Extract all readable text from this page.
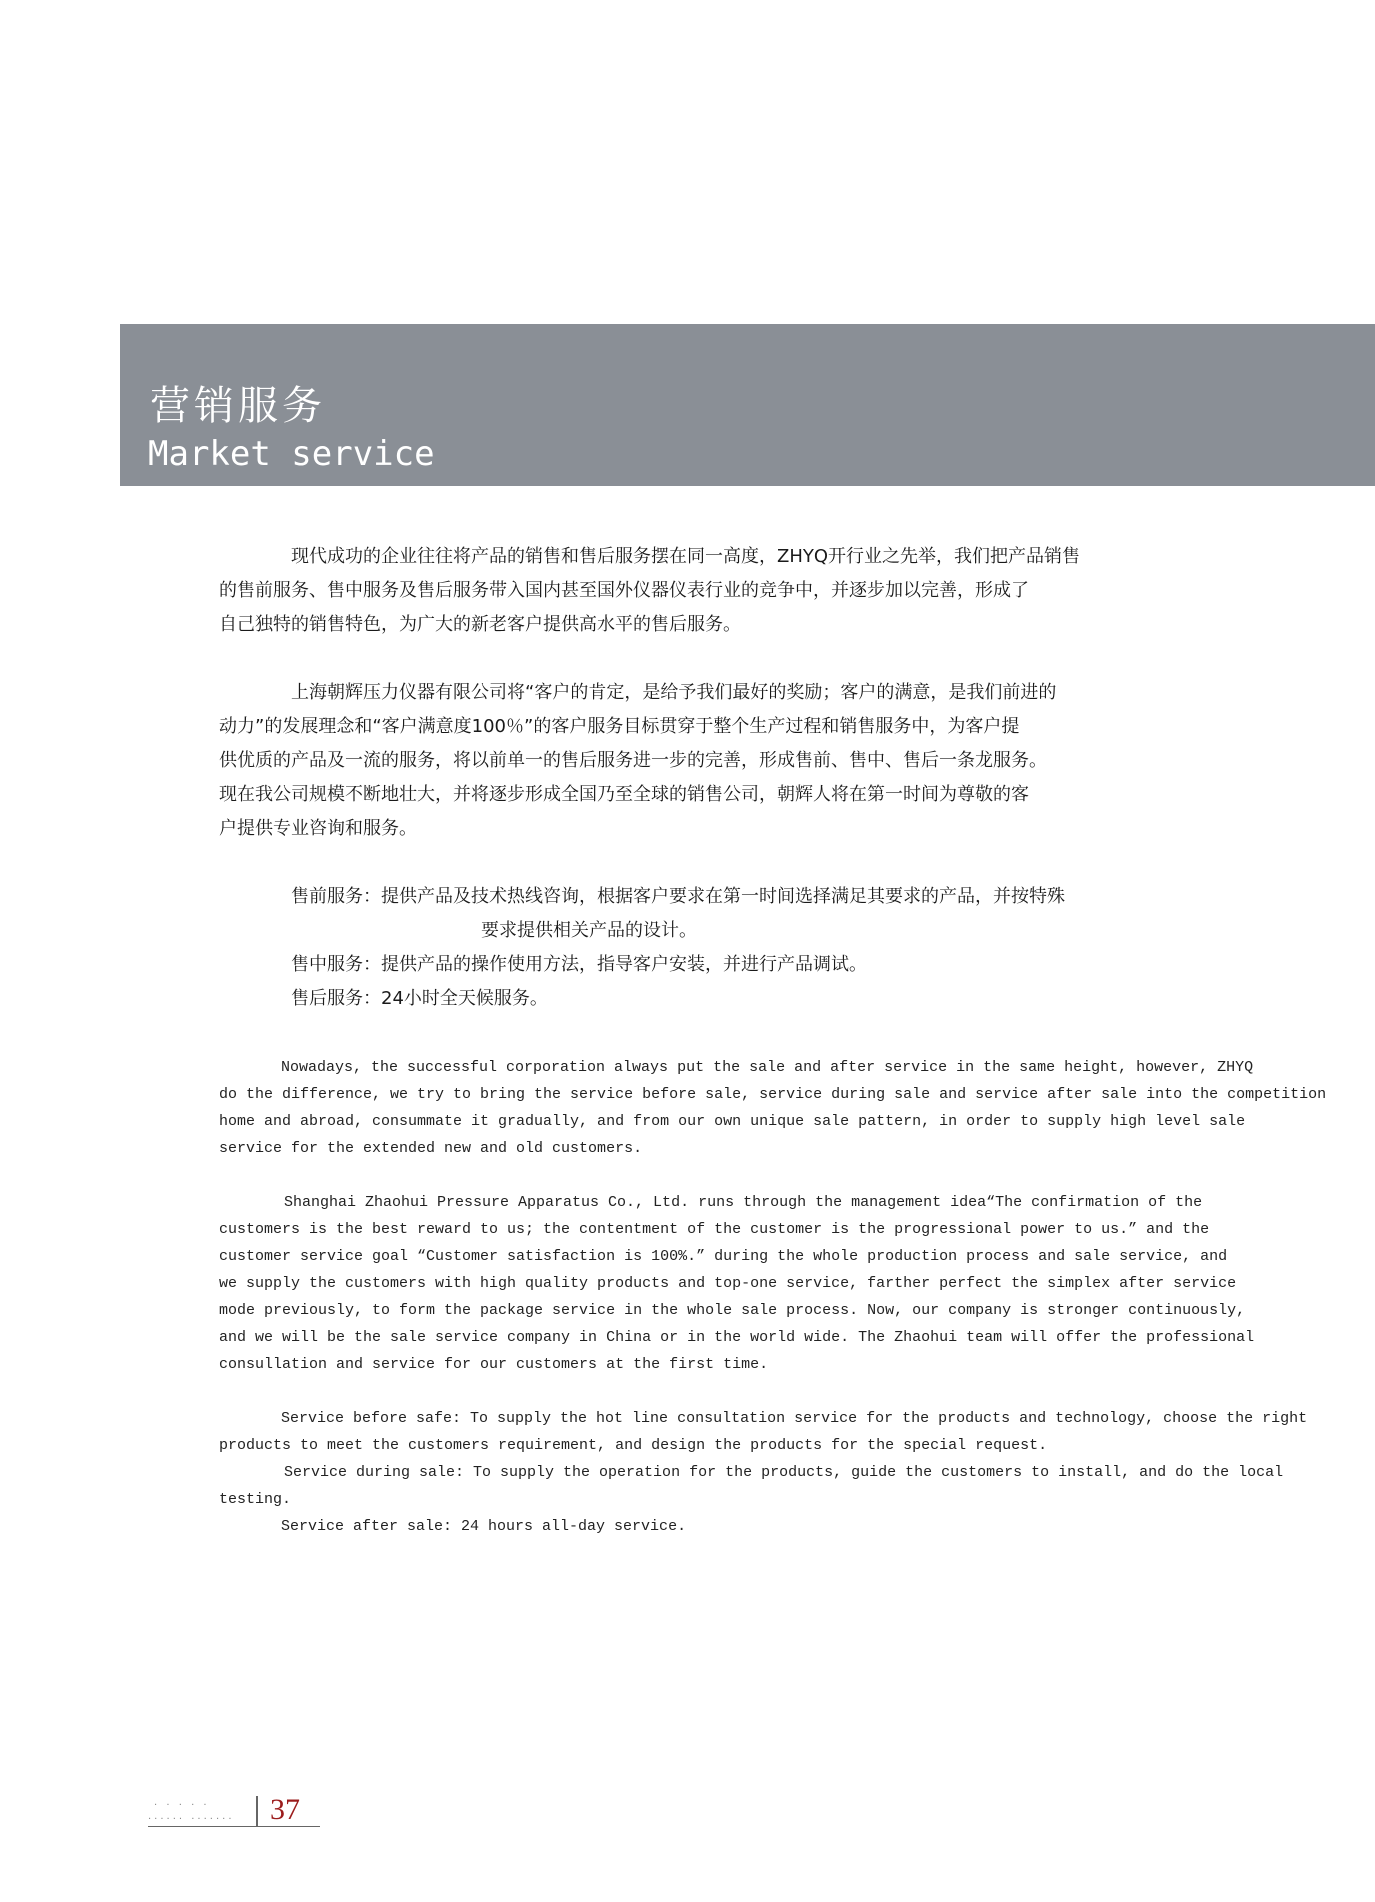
营销服务
Market service

现代成功的企业往往将产品的销售和售后服务摆在同一高度，ZHYQ开行业之先举，我们把产品销售

的售前服务、售中服务及售后服务带入国内甚至国外仪器仪表行业的竞争中，并逐步加以完善，形成了

自己独特的销售特色，为广大的新老客户提供高水平的售后服务。

上海朝辉压力仪器有限公司将“客户的肯定，是给予我们最好的奖励；客户的满意，是我们前进的

动力”的发展理念和“客户满意度100％”的客户服务目标贯穿于整个生产过程和销售服务中，为客户提

供优质的产品及一流的服务，将以前单一的售后服务进一步的完善，形成售前、售中、售后一条龙服务。

现在我公司规模不断地壮大，并将逐步形成全国乃至全球的销售公司，朝辉人将在第一时间为尊敬的客

户提供专业咨询和服务。

售前服务：提供产品及技术热线咨询，根据客户要求在第一时间选择满足其要求的产品，并按特殊

要求提供相关产品的设计。

售中服务：提供产品的操作使用方法，指导客户安装，并进行产品调试。

售后服务：24小时全天候服务。

Nowadays, the successful corporation always put the sale and after service in the same height, however, ZHYQ

do the difference, we try to bring the service before sale, service during sale and service after sale into the competition

home and abroad, consummate it gradually, and from our own unique sale pattern, in order to supply high level sale

service for the extended new and old customers.

Shanghai Zhaohui Pressure Apparatus Co., Ltd. runs through the management idea“The confirmation of the

customers is the best reward to us; the contentment of the customer is the progressional power to us.” and the

customer service goal “Customer satisfaction is 100%.” during the whole production process and sale service, and

we supply the customers with high quality products and top-one service, farther perfect the simplex after service

mode previously, to form the package service in the whole sale process. Now, our company is stronger continuously,

and we will be the sale service company in China or in the world wide. The Zhaohui team will offer the professional

consullation and service for our customers at the first time.

Service before safe: To supply the hot line consultation service for the products and technology, choose the right

products to meet the customers requirement, and design the products for the special request.

Service during sale: To supply the operation for the products, guide the customers to install, and do the local

testing.

Service after sale: 24 hours all-day service.

· · · · ·
······ ······· 37
